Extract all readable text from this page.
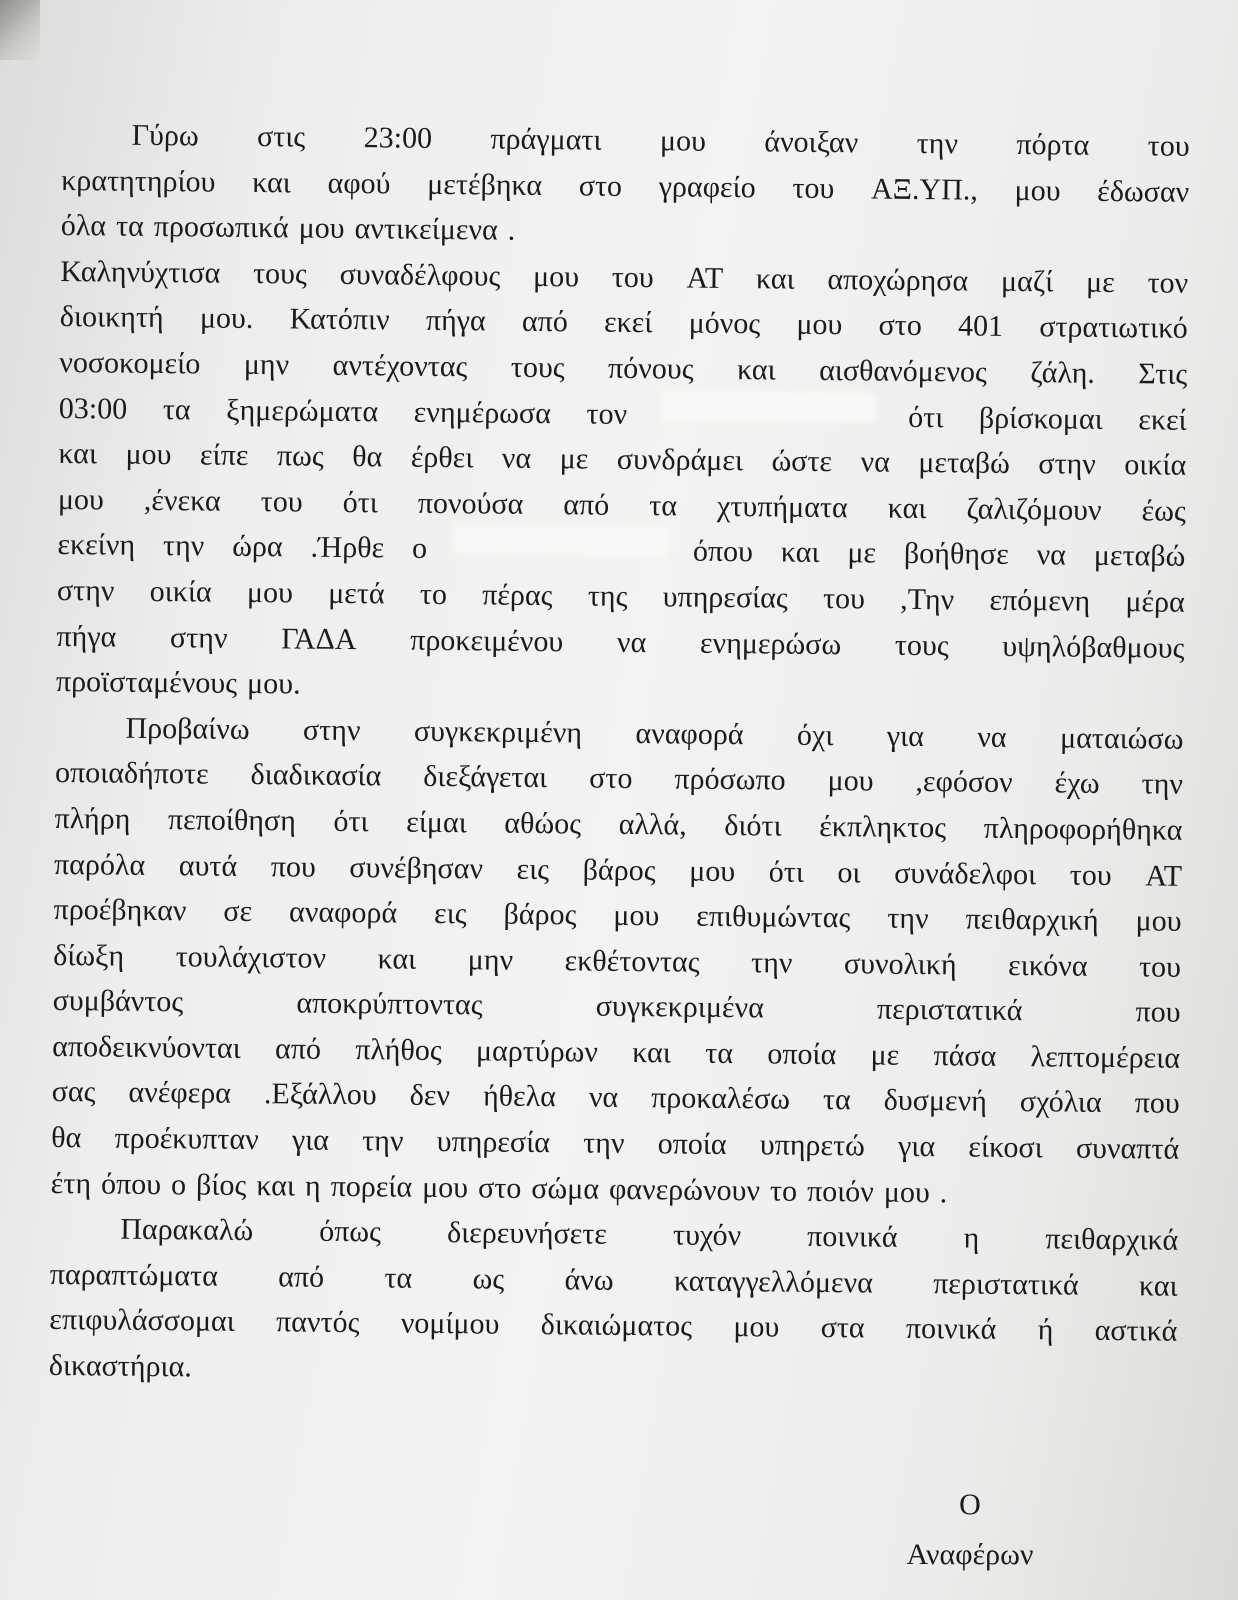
Γύρω στις 23:00 πράγματι μου άνοιξαν την πόρτα του
κρατητηρίου και αφού μετέβηκα στο γραφείο του ΑΞ.ΥΠ., μου έδωσαν
όλα τα προσωπικά μου αντικείμενα .
Καληνύχτισα τους συναδέλφους μου του ΑΤ και αποχώρησα μαζί με τον
διοικητή μου. Κατόπιν πήγα από εκεί μόνος μου στο 401 στρατιωτικό
νοσοκομείο μην αντέχοντας τους πόνους και αισθανόμενος ζάλη. Στις
03:00 τα ξημερώματα ενημέρωσα τον	ότι βρίσκομαι εκεί
και μου είπε πως θα έρθει να με συνδράμει ώστε να μεταβώ στην οικία
μου ,ένεκα του ότι πονούσα από τα χτυπήματα και ζαλιζόμουν έως
εκείνη την ώρα .Ήρθε ο	όπου και με βοήθησε να μεταβώ
στην οικία μου μετά το πέρας της υπηρεσίας του ,Την επόμενη μέρα
πήγα στην ΓΑΔΑ προκειμένου να ενημερώσω τους υψηλόβαθμους
προϊσταμένους μου.
Προβαίνω στην συγκεκριμένη αναφορά όχι για να ματαιώσω
οποιαδήποτε διαδικασία διεξάγεται στο πρόσωπο μου ,εφόσον έχω την
πλήρη πεποίθηση ότι είμαι αθώος αλλά, διότι έκπληκτος πληροφορήθηκα
παρόλα αυτά που συνέβησαν εις βάρος μου ότι οι συνάδελφοι του ΑΤ
προέβηκαν σε αναφορά εις βάρος μου επιθυμώντας την πειθαρχική μου
δίωξη τουλάχιστον και μην εκθέτοντας την συνολική εικόνα του
συμβάντος	αποκρύπτοντας	συγκεκριμένα	περιστατικά	που
αποδεικνύονται από πλήθος μαρτύρων και τα οποία με πάσα λεπτομέρεια
σας ανέφερα .Εξάλλου δεν ήθελα να προκαλέσω τα δυσμενή σχόλια που
θα προέκυπταν για την υπηρεσία την οποία υπηρετώ για είκοσι συναπτά
έτη όπου ο βίος και η πορεία μου στο σώμα φανερώνουν το ποιόν μου .
Παρακαλώ όπως διερευνήσετε τυχόν ποινικά η πειθαρχικά
παραπτώματα από τα ως άνω καταγγελλόμενα περιστατικά και
επιφυλάσσομαι παντός νομίμου δικαιώματος μου στα ποινικά ή αστικά
δικαστήρια.
Ο
Αναφέρων
